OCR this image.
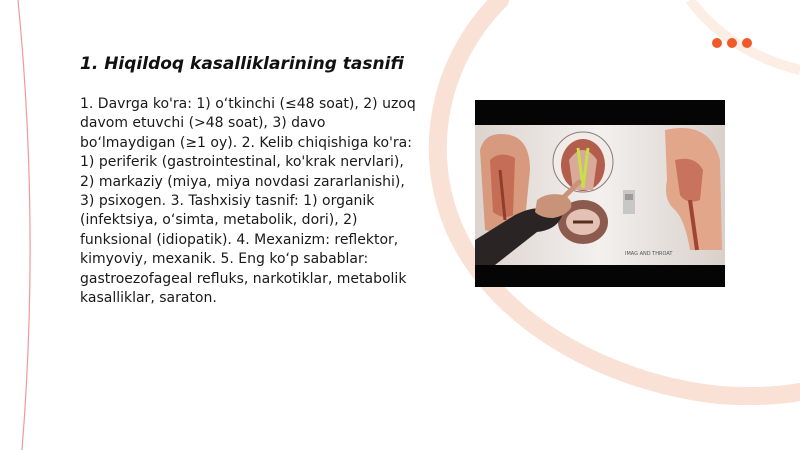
1. Hiqildoq kasalliklarining tasnifi

1. Davrga ko'ra: 1) o‘tkinchi (≤48 soat), 2) uzoq davom etuvchi (>48 soat), 3) davo bo‘lmaydigan (≥1 oy). 2. Kelib chiqishiga ko'ra: 1) periferik (gastrointestinal, ko'krak nervlari), 2) markaziy (miya, miya novdasi zararlanishi), 3) psixogen. 3. Tashxisiy tasnif: 1) organik (infektsiya, o‘simta, metabolik, dori), 2) funksional (idiopatik). 4. Mexanizm: reflektor, kimyoviy, mexanik. 5. Eng ko‘p sabablar: gastroezofageal refluks, narkotiklar, metabolik kasalliklar, saraton.

IMAG AND THROAT
